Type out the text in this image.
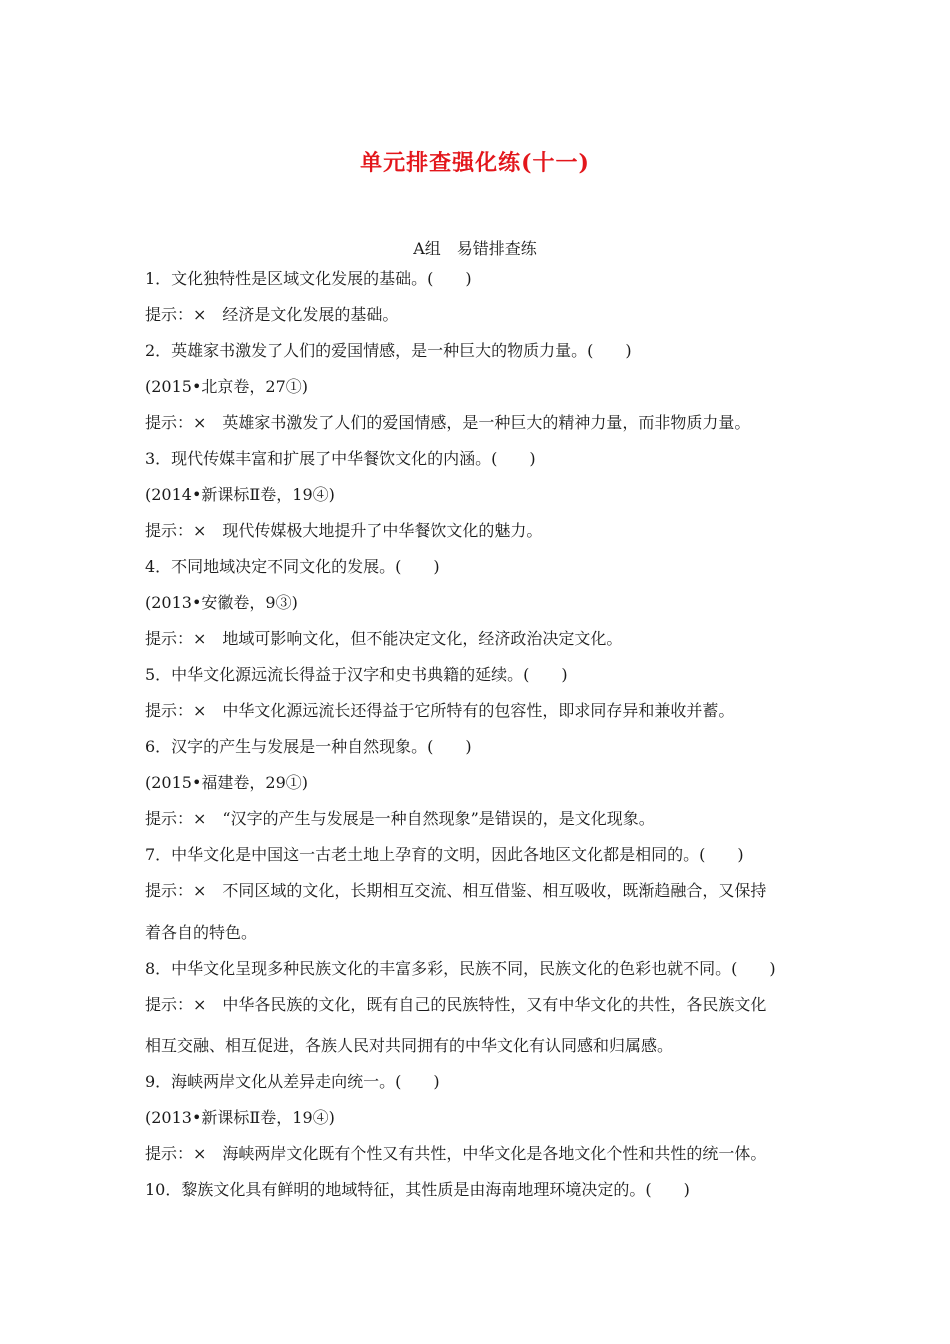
单元排查强化练(十一)
A组　易错排查练
1．文化独特性是区域文化发展的基础。(　　)
提示：×　经济是文化发展的基础。
2．英雄家书激发了人们的爱国情感，是一种巨大的物质力量。(　　)
(2015•北京卷，27①)
提示：×　英雄家书激发了人们的爱国情感，是一种巨大的精神力量，而非物质力量。
3．现代传媒丰富和扩展了中华餐饮文化的内涵。(　　)
(2014•新课标Ⅱ卷，19④)
提示：×　现代传媒极大地提升了中华餐饮文化的魅力。
4．不同地域决定不同文化的发展。(　　)
(2013•安徽卷，9③)
提示：×　地域可影响文化，但不能决定文化，经济政治决定文化。
5．中华文化源远流长得益于汉字和史书典籍的延续。(　　)
提示：×　中华文化源远流长还得益于它所特有的包容性，即求同存异和兼收并蓄。
6．汉字的产生与发展是一种自然现象。(　　)
(2015•福建卷，29①)
提示：×　“汉字的产生与发展是一种自然现象”是错误的，是文化现象。
7．中华文化是中国这一古老土地上孕育的文明，因此各地区文化都是相同的。(　　)
提示：×　不同区域的文化，长期相互交流、相互借鉴、相互吸收，既渐趋融合，又保持
着各自的特色。
8．中华文化呈现多种民族文化的丰富多彩，民族不同，民族文化的色彩也就不同。(　　)
提示：×　中华各民族的文化，既有自己的民族特性，又有中华文化的共性，各民族文化
相互交融、相互促进，各族人民对共同拥有的中华文化有认同感和归属感。
9．海峡两岸文化从差异走向统一。(　　)
(2013•新课标Ⅱ卷，19④)
提示：×　海峡两岸文化既有个性又有共性，中华文化是各地文化个性和共性的统一体。
10．黎族文化具有鲜明的地域特征，其性质是由海南地理环境决定的。(　　)
